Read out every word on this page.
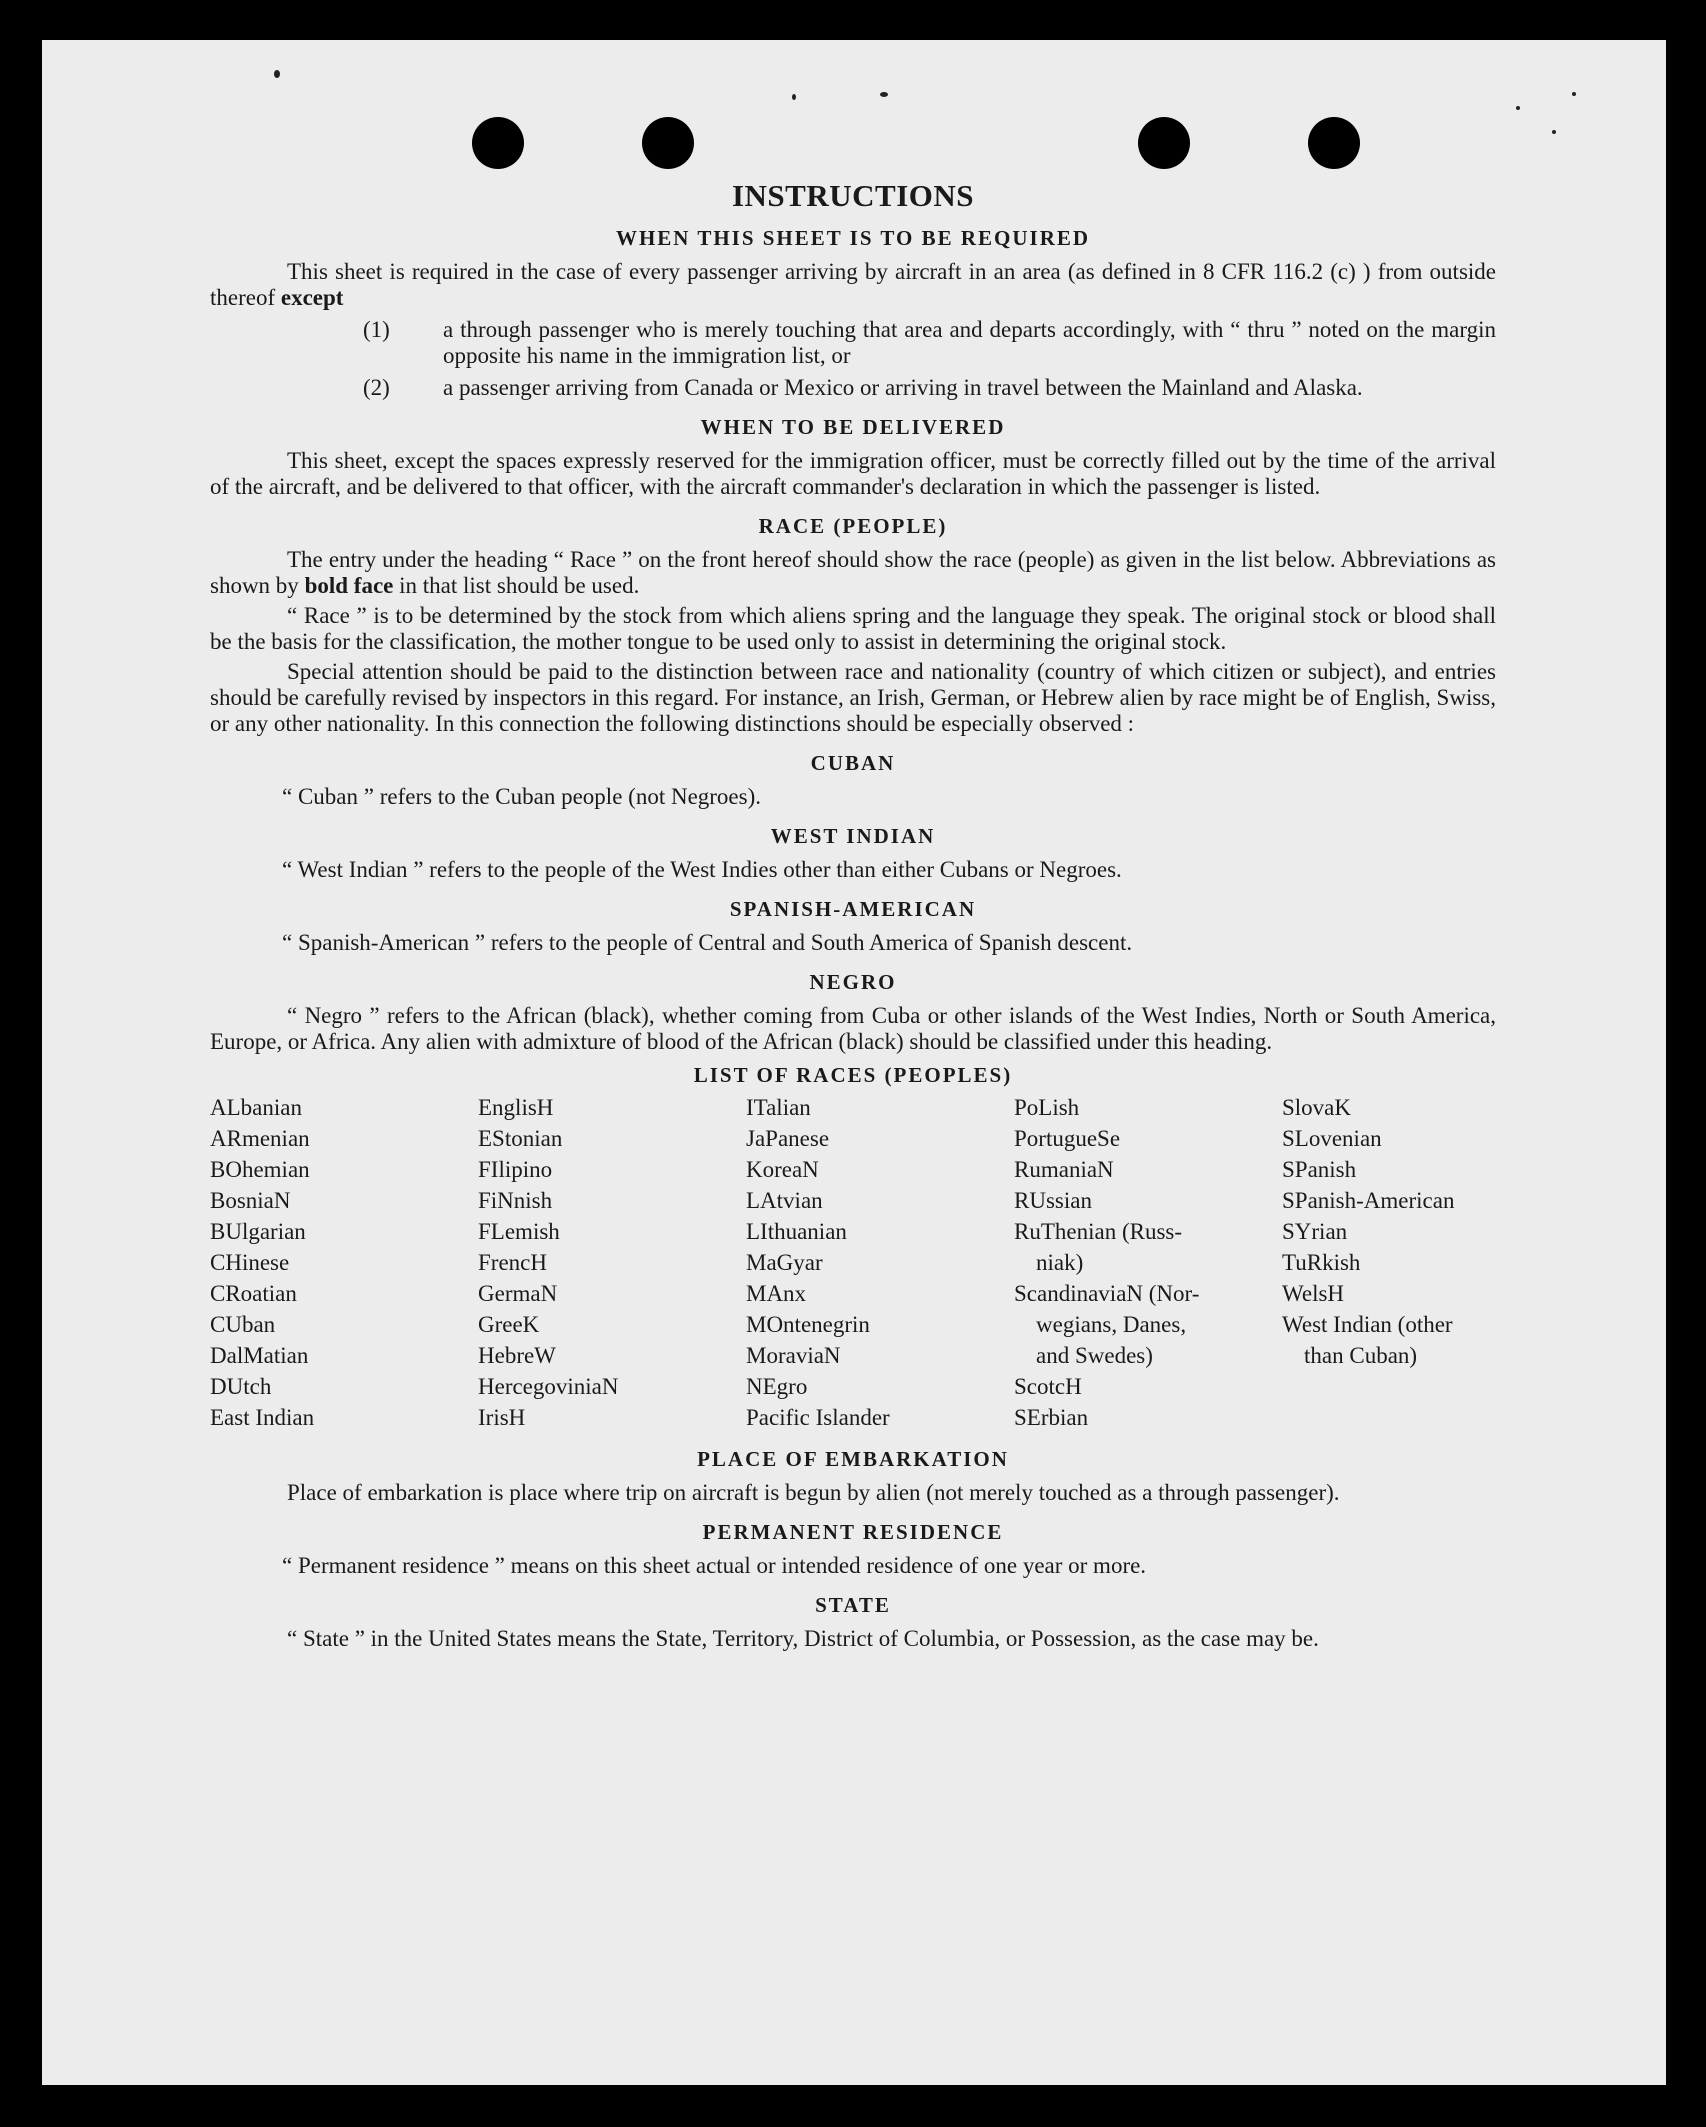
INSTRUCTIONS
WHEN THIS SHEET IS TO BE REQUIRED

This sheet is required in the case of every passenger arriving by aircraft in an area (as defined in 8 CFR 116.2 (c) ) from outside thereof except

(1) a through passenger who is merely touching that area and departs accordingly, with “ thru ” noted on the margin opposite his name in the immigration list, or

(2) a passenger arriving from Canada or Mexico or arriving in travel between the Mainland and Alaska.

WHEN TO BE DELIVERED

This sheet, except the spaces expressly reserved for the immigration officer, must be correctly filled out by the time of the arrival of the aircraft, and be delivered to that officer, with the aircraft commander's declaration in which the passenger is listed.

RACE (PEOPLE)

The entry under the heading “ Race ” on the front hereof should show the race (people) as given in the list below. Abbreviations as shown by bold face in that list should be used.

“ Race ” is to be determined by the stock from which aliens spring and the language they speak. The original stock or blood shall be the basis for the classification, the mother tongue to be used only to assist in determining the original stock.

Special attention should be paid to the distinction between race and nationality (country of which citizen or subject), and entries should be carefully revised by inspectors in this regard. For instance, an Irish, German, or Hebrew alien by race might be of English, Swiss, or any other nationality. In this connection the following distinctions should be especially observed :

CUBAN
“ Cuban ” refers to the Cuban people (not Negroes).
WEST INDIAN
“ West Indian ” refers to the people of the West Indies other than either Cubans or Negroes.
SPANISH-AMERICAN
“ Spanish-American ” refers to the people of Central and South America of Spanish descent.
NEGRO

“ Negro ” refers to the African (black), whether coming from Cuba or other islands of the West Indies, North or South America, Europe, or Africa. Any alien with admixture of blood of the African (black) should be classified under this heading.

LIST OF RACES (PEOPLES)
ALbanian
ARmenian
BOhemian
BosniaN
BUlgarian
CHinese
CRoatian
CUban
DalMatian
DUtch
East Indian
EnglisH
EStonian
FIlipino
FiNnish
FLemish
FrencH
GermaN
GreeK
HebreW
HercegoviniaN
IrisH
ITalian
JaPanese
KoreaN
LAtvian
LIthuanian
MaGyar
MAnx
MOntenegrin
MoraviaN
NEgro
Pacific Islander
PoLish
PortugueSe
RumaniaN
RUssian
RuThenian (Russ-
niak)
ScandinaviaN (Nor-
wegians, Danes,
and Swedes)
ScotcH
SErbian
SlovaK
SLovenian
SPanish
SPanish-American
SYrian
TuRkish
WelsH
West Indian (other
than Cuban)
PLACE OF EMBARKATION

Place of embarkation is place where trip on aircraft is begun by alien (not merely touched as a through passenger).

PERMANENT RESIDENCE
“ Permanent residence ” means on this sheet actual or intended residence of one year or more.
STATE

“ State ” in the United States means the State, Territory, District of Columbia, or Possession, as the case may be.
